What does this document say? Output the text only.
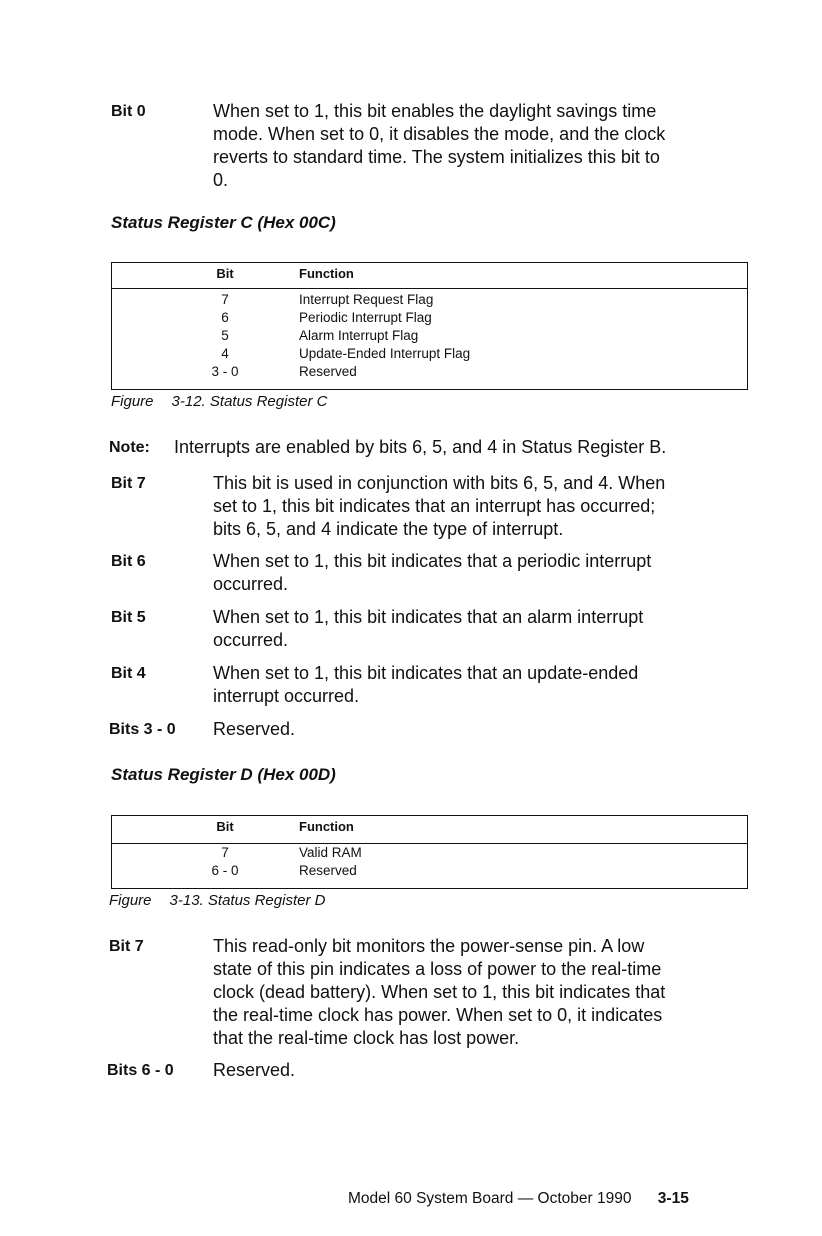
Bit 0	When set to 1, this bit enables the daylight savings time
mode. When set to 0, it disables the mode, and the clock
reverts to standard time. The system initializes this bit to
0.
Status Register C (Hex 00C)
Bit	Function
7	Interrupt Request Flag
6	Periodic Interrupt Flag
5	Alarm Interrupt Flag
4	Update-Ended Interrupt Flag
3 - 0	Reserved
Figure 3-12. Status Register C
Note: Interrupts are enabled by bits 6, 5, and 4 in Status Register B.
Bit 7	This bit is used in conjunction with bits 6, 5, and 4. When
set to 1, this bit indicates that an interrupt has occurred;
bits 6, 5, and 4 indicate the type of interrupt.
Bit 6	When set to 1, this bit indicates that a periodic interrupt
occurred.
Bit 5	When set to 1, this bit indicates that an alarm interrupt
occurred.
Bit 4	When set to 1, this bit indicates that an update-ended
interrupt occurred.
Bits 3 - 0 Reserved.
Status Register D (Hex 00D)
Bit	Function
7	Valid RAM
6 - 0	Reserved
Figure 3-13. Status Register D
Bit 7	This read-only bit monitors the power-sense pin. A low
state of this pin indicates a loss of power to the real-time
clock (dead battery). When set to 1, this bit indicates that
the real-time clock has power. When set to 0, it indicates
that the real-time clock has lost power.
Bits 6 - 0 Reserved.
Model 60 System Board — October 1990 3-15
